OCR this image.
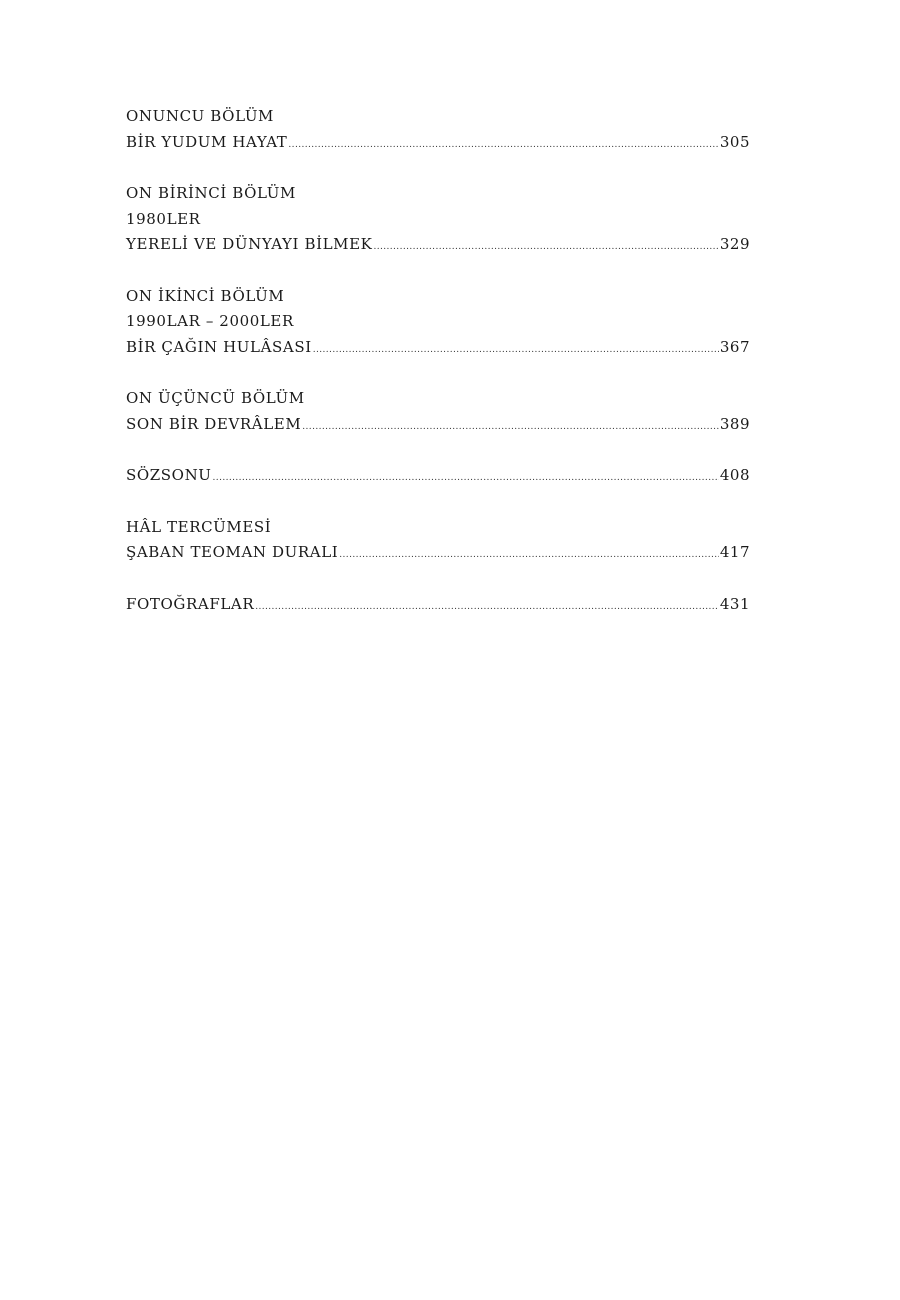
ONUNCU BÖLÜM
BİR YUDUM HAYAT .....	305
ON BİRİNCİ BÖLÜM
1980LER
YERELİ VE DÜNYAYI BİLMEK .....	329
ON İKİNCİ BÖLÜM
1990LAR – 2000LER
BİR ÇAĞIN HULÂSASI .....	367
ON ÜÇÜNCÜ BÖLÜM
SON BİR DEVRÂLEM .....	389
SÖZSONU .....	408
HÂL TERCÜMESİ
ŞABAN TEOMAN DURALI .....	417
FOTOĞRAFLAR .....	431
